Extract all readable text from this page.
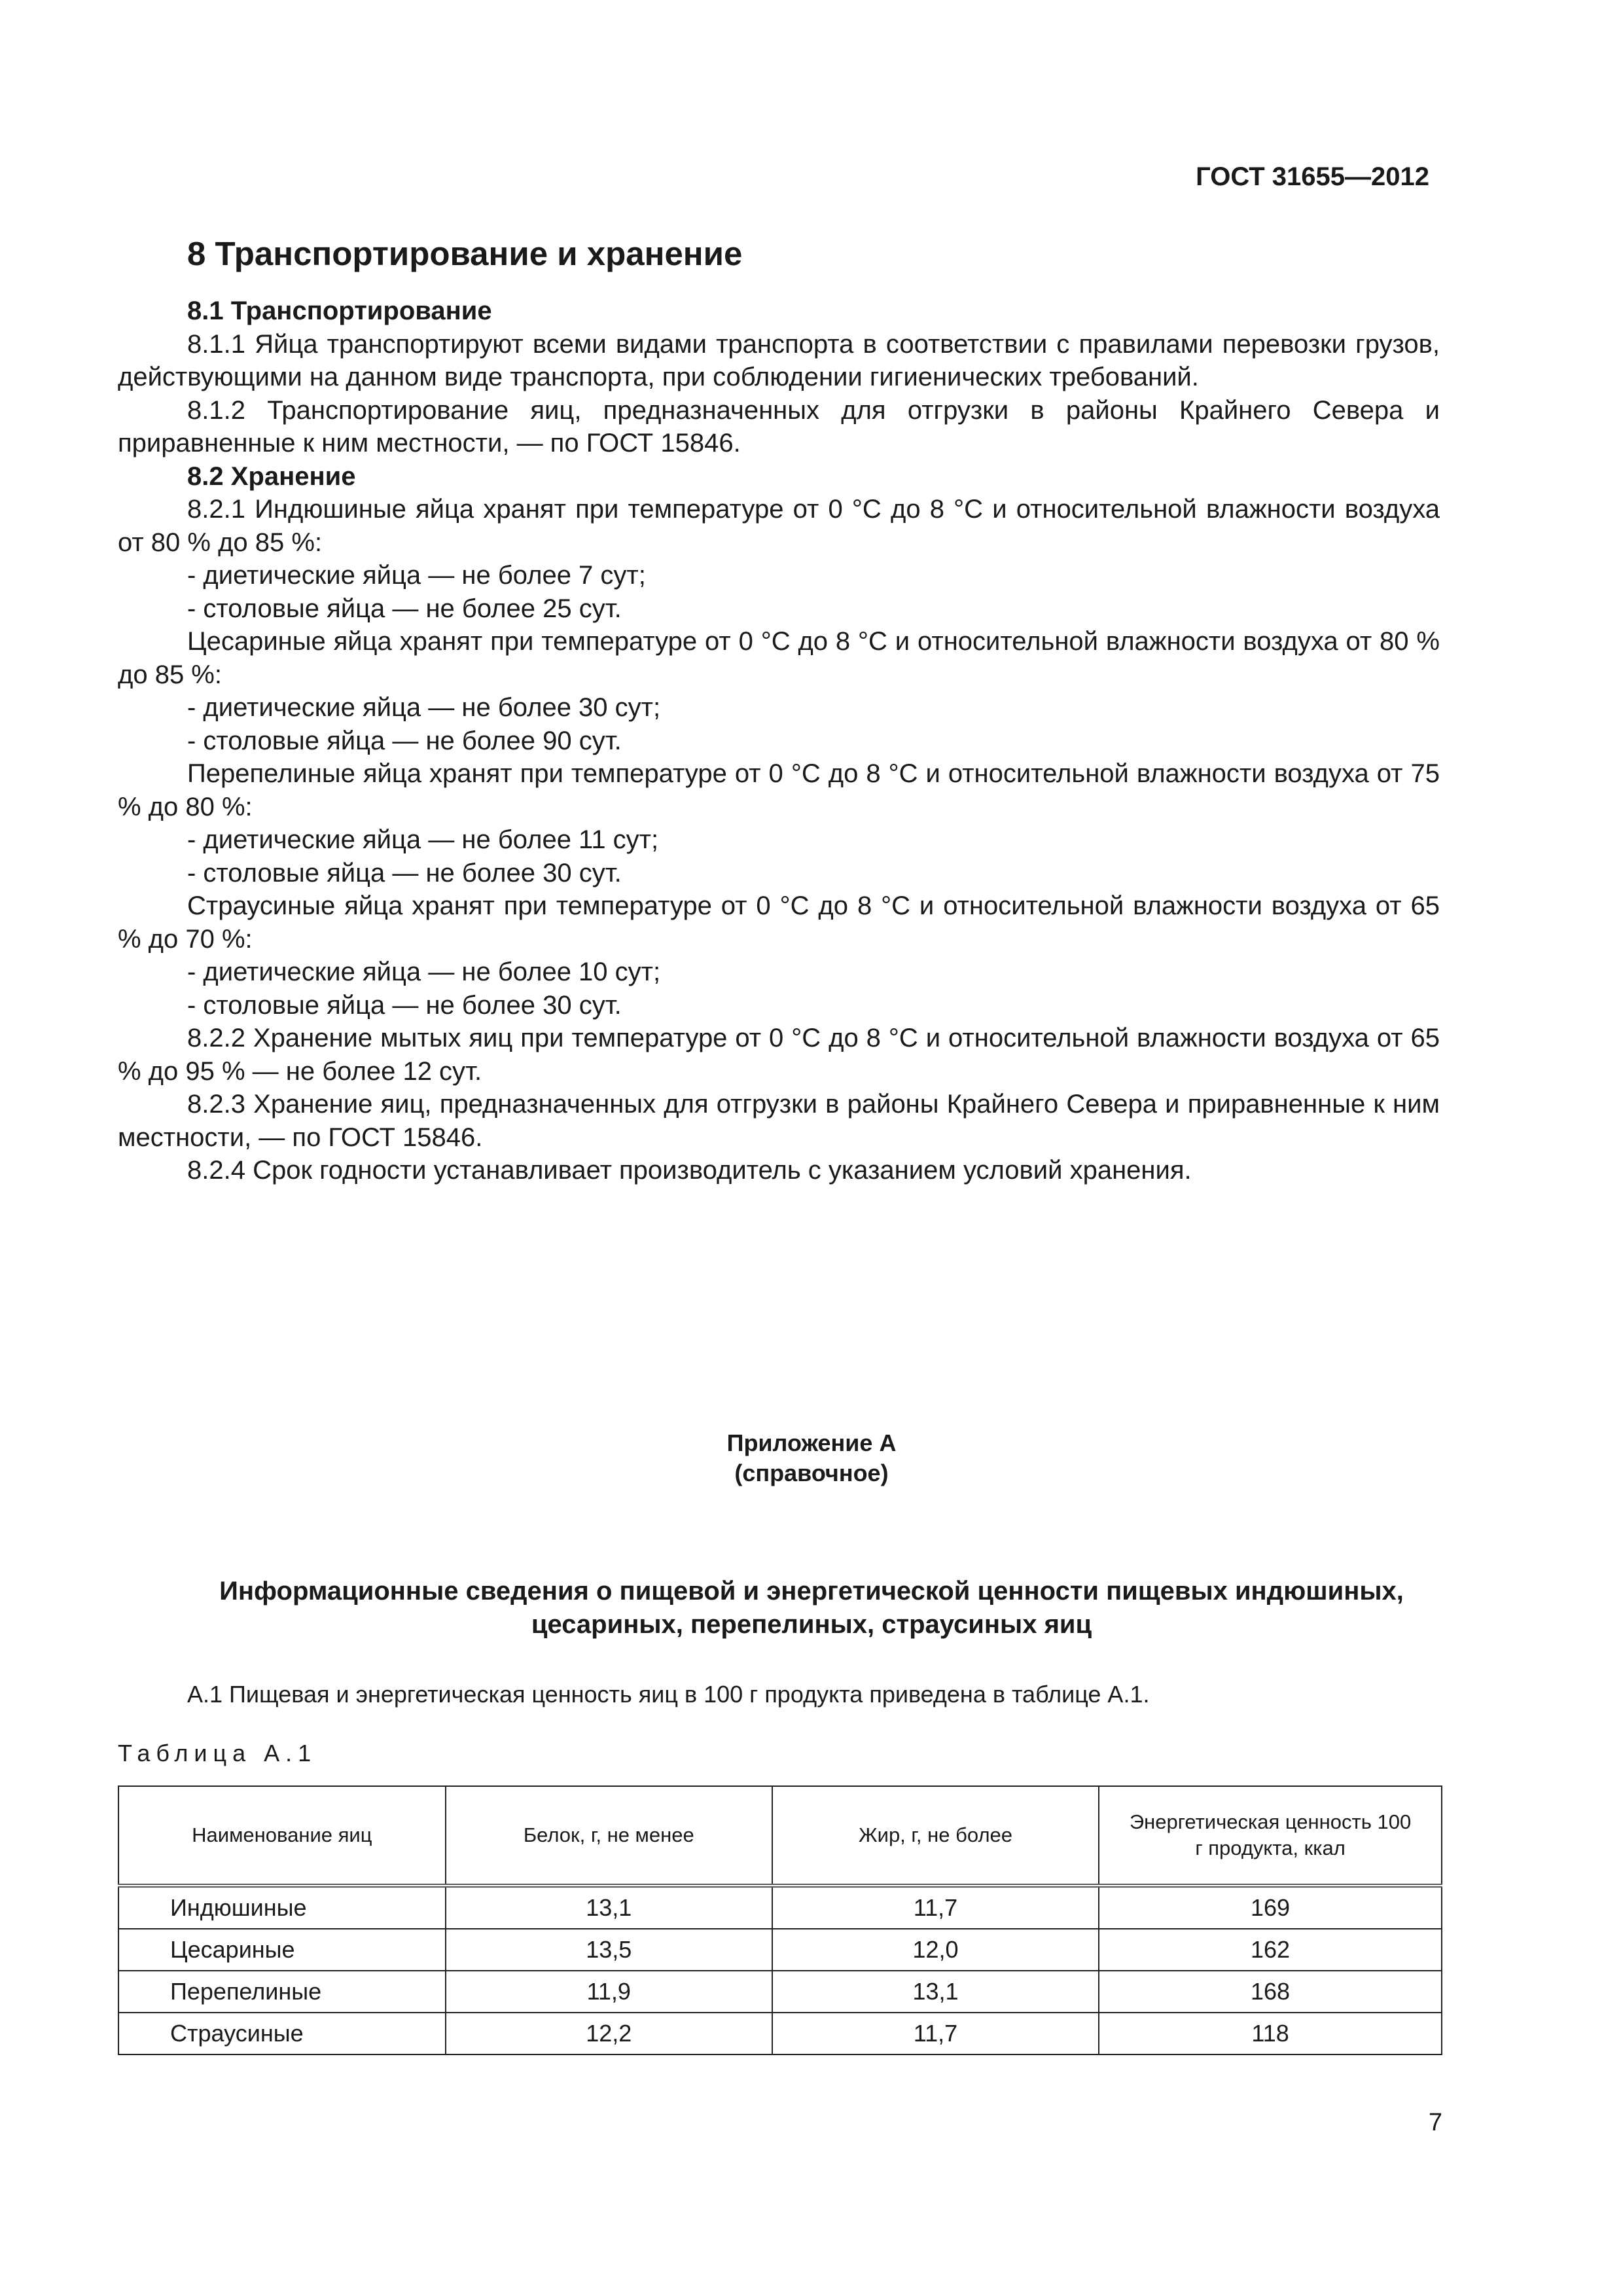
ГОСТ 31655—2012
8 Транспортирование и хранение
8.1 Транспортирование

8.1.1 Яйца транспортируют всеми видами транспорта в соответствии с правилами перевозки грузов, действующими на данном виде транспорта, при соблюдении гигиенических требований.

8.1.2 Транспортирование яиц, предназначенных для отгрузки в районы Крайнего Севера и приравненные к ним местности, — по ГОСТ 15846.

8.2 Хранение

8.2.1 Индюшиные яйца хранят при температуре от 0 °С до 8 °С и относительной влажности воздуха от 80 % до 85 %:

- диетические яйца — не более 7 сут;

- столовые яйца — не более 25 сут.

Цесариные яйца хранят при температуре от 0 °С до 8 °С и относительной влажности воздуха от 80 % до 85 %:

- диетические яйца — не более 30 сут;

- столовые яйца — не более 90 сут.

Перепелиные яйца хранят при температуре от 0 °С до 8 °С и относительной влажности воздуха от 75 % до 80 %:

- диетические яйца — не более 11 сут;

- столовые яйца — не более 30 сут.

Страусиные яйца хранят при температуре от 0 °С до 8 °С и относительной влажности воздуха от 65 % до 70 %:

- диетические яйца — не более 10 сут;

- столовые яйца — не более 30 сут.

8.2.2 Хранение мытых яиц при температуре от 0 °С до 8 °С и относительной влажности воздуха от 65 % до 95 % — не более 12 сут.

8.2.3 Хранение яиц, предназначенных для отгрузки в районы Крайнего Севера и приравненные к ним местности, — по ГОСТ 15846.

8.2.4 Срок годности устанавливает производитель с указанием условий хранения.

Приложение А
(справочное)
Информационные сведения о пищевой и энергетической ценности пищевых индюшиных,
цесариных, перепелиных, страусиных яиц
А.1 Пищевая и энергетическая ценность яиц в 100 г продукта приведена в таблице А.1.
Таблица А.1
Наименование яиц	Белок, г, не менее	Жир, г, не более	Энергетическая ценность 100 г продукта, ккал
Индюшиные	13,1	11,7	169
Цесариные	13,5	12,0	162
Перепелиные	11,9	13,1	168
Страусиные	12,2	11,7	118
7
